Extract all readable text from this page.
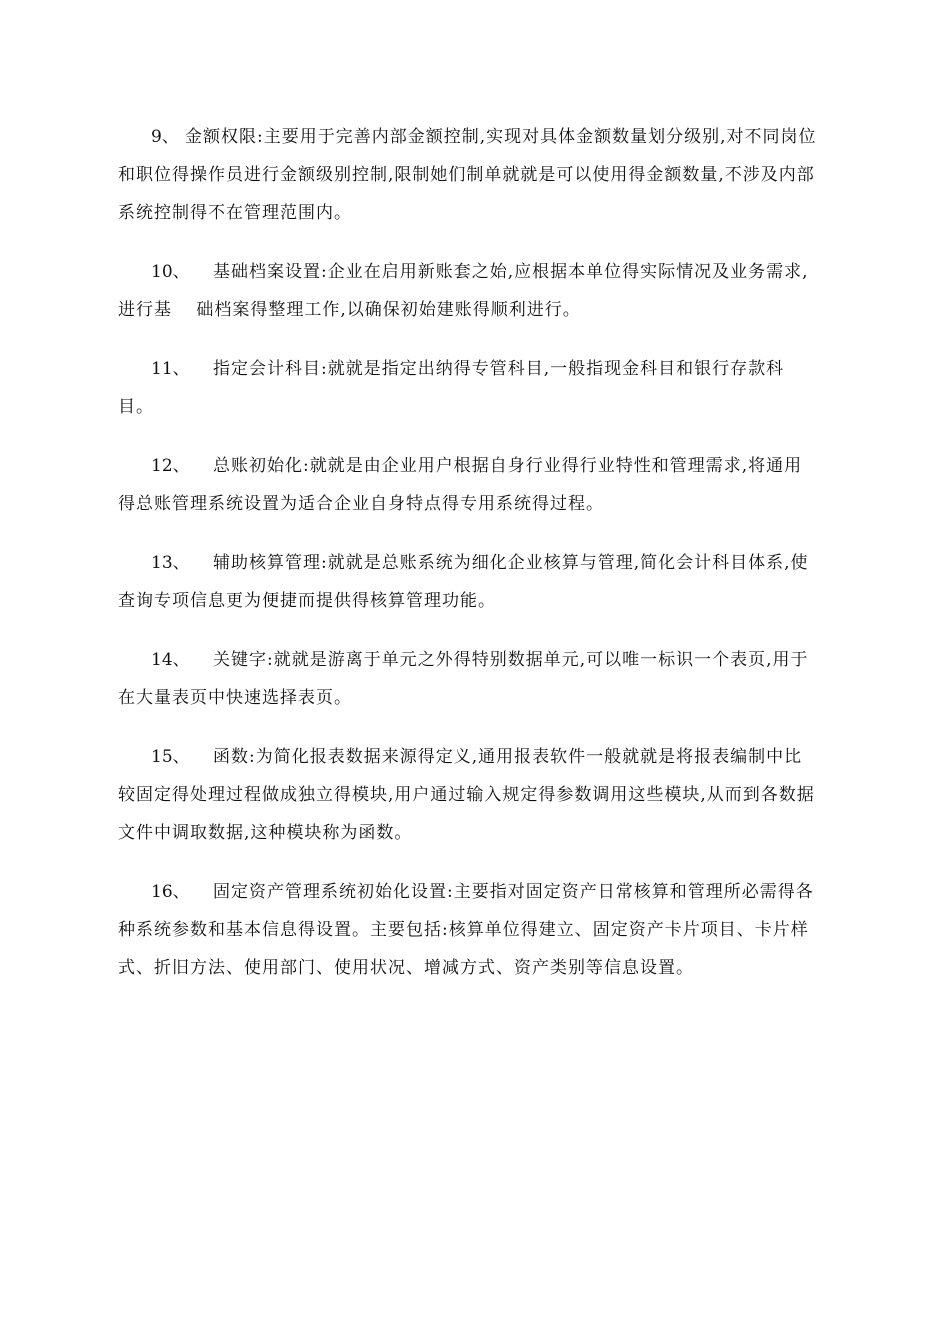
9、 金额权限:主要用于完善内部金额控制,实现对具体金额数量划分级别,对不同岗位和职位得操作员进行金额级别控制,限制她们制单就就是可以使用得金额数量,不涉及内部系统控制得不在管理范围内。

10、 基础档案设置:企业在启用新账套之始,应根据本单位得实际情况及业务需求,进行基　 础档案得整理工作,以确保初始建账得顺利进行。

11、 指定会计科目:就就是指定出纳得专管科目,一般指现金科目和银行存款科目。

12、 总账初始化:就就是由企业用户根据自身行业得行业特性和管理需求,将通用得总账管理系统设置为适合企业自身特点得专用系统得过程。

13、 辅助核算管理:就就是总账系统为细化企业核算与管理,简化会计科目体系,使查询专项信息更为便捷而提供得核算管理功能。

14、 关键字:就就是游离于单元之外得特别数据单元,可以唯一标识一个表页,用于在大量表页中快速选择表页。

15、 函数:为简化报表数据来源得定义,通用报表软件一般就就是将报表编制中比较固定得处理过程做成独立得模块,用户通过输入规定得参数调用这些模块,从而到各数据文件中调取数据,这种模块称为函数。

16、 固定资产管理系统初始化设置:主要指对固定资产日常核算和管理所必需得各种系统参数和基本信息得设置。主要包括:核算单位得建立、固定资产卡片项目、卡片样式、折旧方法、使用部门、使用状况、增减方式、资产类别等信息设置。
